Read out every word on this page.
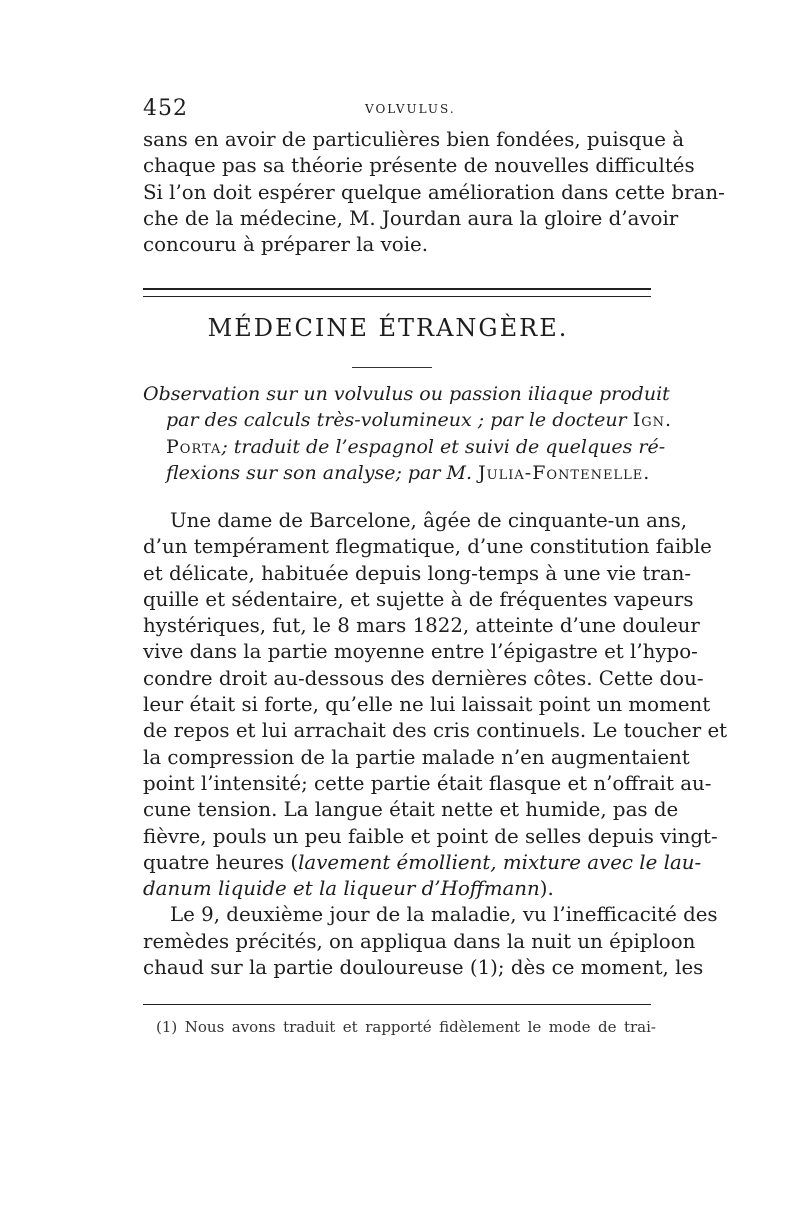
452	VOLVULUS.
sans en avoir de particulières bien fondées, puisque à
chaque pas sa théorie présente de nouvelles difficultés
Si l’on doit espérer quelque amélioration dans cette bran-
che de la médecine, M. Jourdan aura la gloire d’avoir
concouru à préparer la voie.
MÉDECINE ÉTRANGÈRE.
Observation sur un volvulus ou passion iliaque produit
par des calculs très-volumineux ; par le docteur Ign.
Porta; traduit de l’espagnol et suivi de quelques ré-
flexions sur son analyse; par M. Julia-Fontenelle.
Une dame de Barcelone, âgée de cinquante-un ans,
d’un tempérament flegmatique, d’une constitution faible
et délicate, habituée depuis long-temps à une vie tran-
quille et sédentaire, et sujette à de fréquentes vapeurs
hystériques, fut, le 8 mars 1822, atteinte d’une douleur
vive dans la partie moyenne entre l’épigastre et l’hypo-
condre droit au-dessous des dernières côtes. Cette dou-
leur était si forte, qu’elle ne lui laissait point un moment
de repos et lui arrachait des cris continuels. Le toucher et
la compression de la partie malade n’en augmentaient
point l’intensité; cette partie était flasque et n’offrait au-
cune tension. La langue était nette et humide, pas de
fièvre, pouls un peu faible et point de selles depuis vingt-
quatre heures (lavement émollient, mixture avec le lau-
danum liquide et la liqueur d’Hoffmann).
Le 9, deuxième jour de la maladie, vu l’inefficacité des
remèdes précités, on appliqua dans la nuit un épiploon
chaud sur la partie douloureuse (1); dès ce moment, les
(1) Nous avons traduit et rapporté fidèlement le mode de trai-
